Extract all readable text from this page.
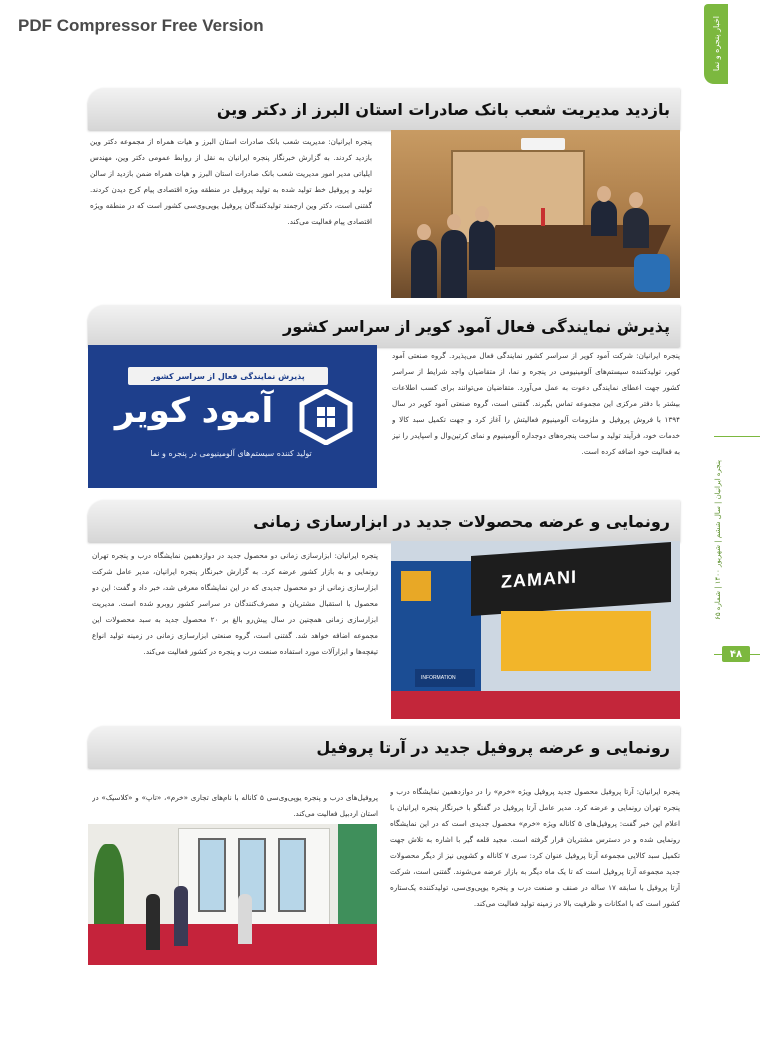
PDF Compressor Free Version	اخبار پنجره و نما
پنجره ایرانیان | سال ششم | شهریور ۱۴۰۰ | شماره ۶۵
۴۸
بازدید مدیریت شعب بانک صادرات استان البرز از دکتر وین

پنجره ایرانیان: مدیریت شعب بانک صادرات استان البرز و هیات همراه از مجموعه دکتر وین بازدید کردند. به گزارش خبرنگار پنجره ایرانیان به نقل از روابط عمومی دکتر وین، مهندس ایلیاتی مدیر امور مدیریت شعب بانک صادرات استان البرز و هیات همراه ضمن بازدید از سالن تولید و پروفیل خط تولید شده به تولید پروفیل در منطقه ویژه اقتصادی پیام کرج دیدن کردند. گفتنی است، دکتر وین ارجمند تولیدکنندگان پروفیل یوپی‌وی‌سی کشور است که در منطقه ویژه اقتصادی پیام فعالیت می‌کند.

پذیرش نمایندگی فعال آمود کویر از سراسر کشور
پذیرش نمایندگی فعال از سراسر کشور
آمود کویر
تولید کننده سیستم‌های آلومینیومی در پنجره و نما

پنجره ایرانیان: شرکت آمود کویر از سراسر کشور نمایندگی فعال می‌پذیرد. گروه صنعتی آمود کویر، تولیدکننده سیستم‌های آلومینیومی در پنجره و نما، از متقاضیان واجد شرایط از سراسر کشور جهت اعطای نمایندگی دعوت به عمل می‌آورد. متقاضیان می‌توانند برای کسب اطلاعات بیشتر با دفتر مرکزی این مجموعه تماس بگیرند. گفتنی است، گروه صنعتی آمود کویر در سال ۱۳۹۴ با فروش پروفیل و ملزومات آلومینیوم فعالیتش را آغاز کرد و جهت تکمیل سبد کالا و خدمات خود، فرآیند تولید و ساخت پنجره‌های دوجداره آلومینیوم و نمای کرتین‌وال و اسپایدر را نیز به فعالیت خود اضافه کرده است.

رونمایی و عرضه محصولات جدید در ابزارسازی زمانی

پنجره ایرانیان: ابزارسازی زمانی دو محصول جدید در دوازدهمین نمایشگاه درب و پنجره تهران رونمایی و به بازار کشور عرضه کرد. به گزارش خبرنگار پنجره ایرانیان، مدیر عامل شرکت ابزارسازی زمانی از دو محصول جدیدی که در این نمایشگاه معرفی شد، خبر داد و گفت: این دو محصول با استقبال مشتریان و مصرف‌کنندگان در سراسر کشور روبرو شده است. مدیریت ابزارسازی زمانی همچنین در سال پیش‌رو بالغ بر ۲۰ محصول جدید به سبد محصولات این مجموعه اضافه خواهد شد. گفتنی است، گروه صنعتی ابزارسازی زمانی در زمینه تولید انواع تیغچه‌ها و ابزارآلات مورد استفاده صنعت درب و پنجره در کشور فعالیت می‌کند.

ZAMANI
INFORMATION
رونمایی و عرضه پروفیل جدید در آرتا پروفیل

پروفیل‌های درب و پنجره یوپی‌وی‌سی ۵ کاناله با نام‌های تجاری «خرم»، «تاپ» و «کلاسیک» در استان اردبیل فعالیت می‌کند.

پنجره ایرانیان: آرتا پروفیل محصول جدید پروفیل ویژه «خرم» را در دوازدهمین نمایشگاه درب و پنجره تهران رونمایی و عرضه کرد. مدیر عامل آرتا پروفیل در گفتگو با خبرنگار پنجره ایرانیان با اعلام این خبر گفت: پروفیل‌های ۵ کاناله ویژه «خرم» محصول جدیدی است که در این نمایشگاه رونمایی شده و در دسترس مشتریان قرار گرفته است. مجید قلعه گیر با اشاره به تلاش جهت تکمیل سبد کالایی مجموعه آرتا پروفیل عنوان کرد: سری ۷ کاناله و کشویی نیز از دیگر محصولات جدید مجموعه آرتا پروفیل است که تا یک ماه دیگر به بازار عرضه می‌شوند. گفتنی است، شرکت آرتا پروفیل با سابقه ۱۷ ساله در صنف و صنعت درب و پنجره یوپی‌وی‌سی، تولیدکننده یک‌ستاره کشور است که با امکانات و ظرفیت بالا در زمینه تولید فعالیت می‌کند.
